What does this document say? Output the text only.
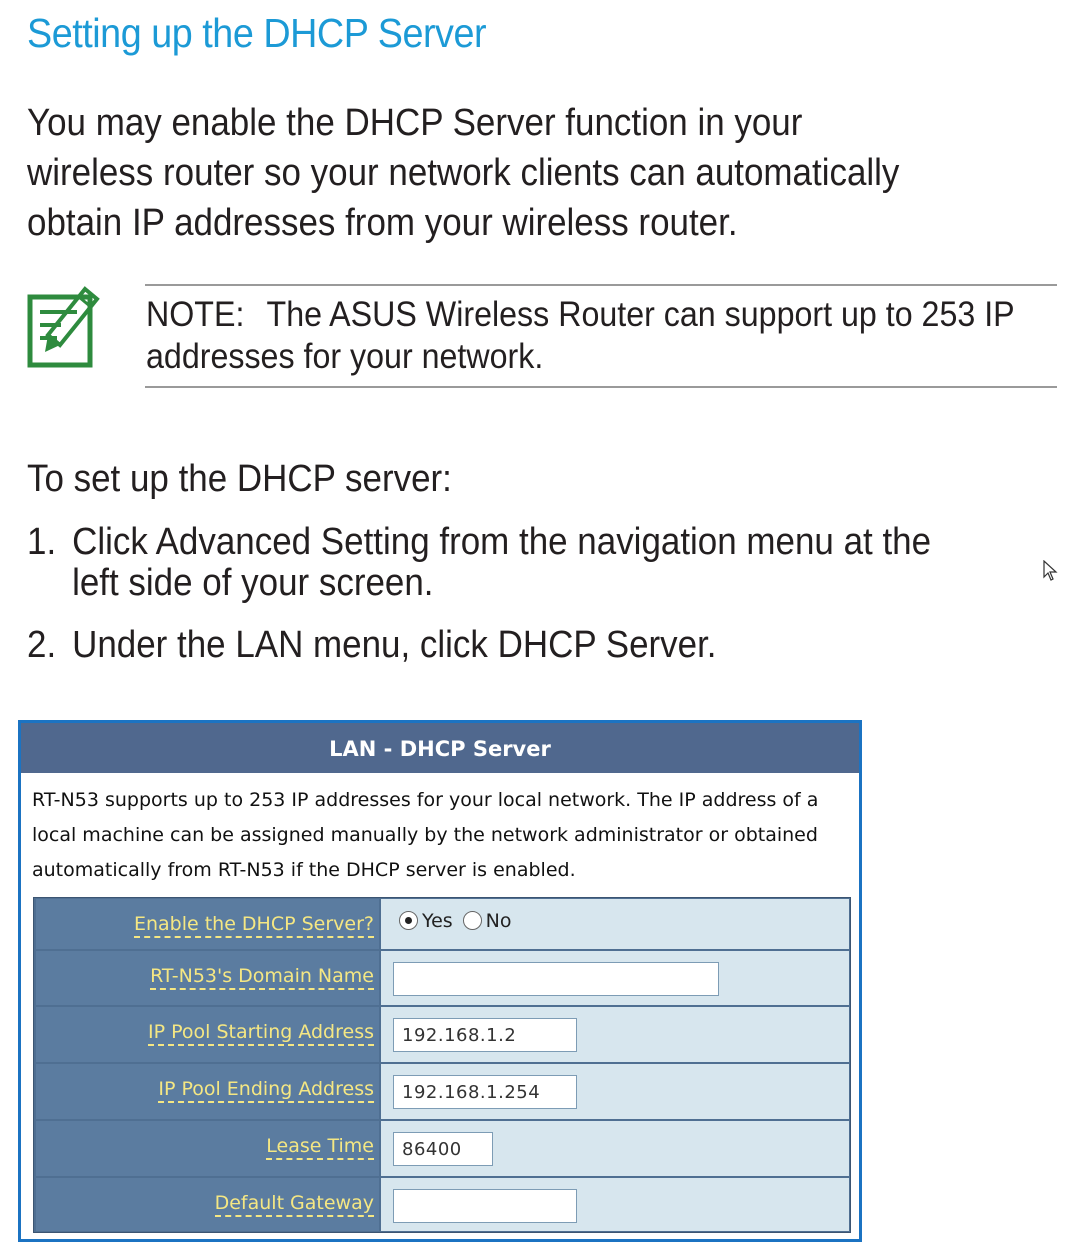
Setting up the DHCP Server
You may enable the DHCP Server function in your wireless router so your network clients can automatically obtain IP addresses from your wireless router.
NOTE: The ASUS Wireless Router can support up to 253 IP addresses for your network.
To set up the DHCP server:
1. Click Advanced Setting from the navigation menu at the left side of your screen.
2. Under the LAN menu, click DHCP Server.
LAN - DHCP Server
RT-N53 supports up to 253 IP addresses for your local network. The IP address of a local machine can be assigned manually by the network administrator or obtained automatically from RT-N53 if the DHCP server is enabled.
Enable the DHCP Server?	Yes No
RT-N53's Domain Name
IP Pool Starting Address	192.168.1.2
IP Pool Ending Address	192.168.1.254
Lease Time	86400
Default Gateway
